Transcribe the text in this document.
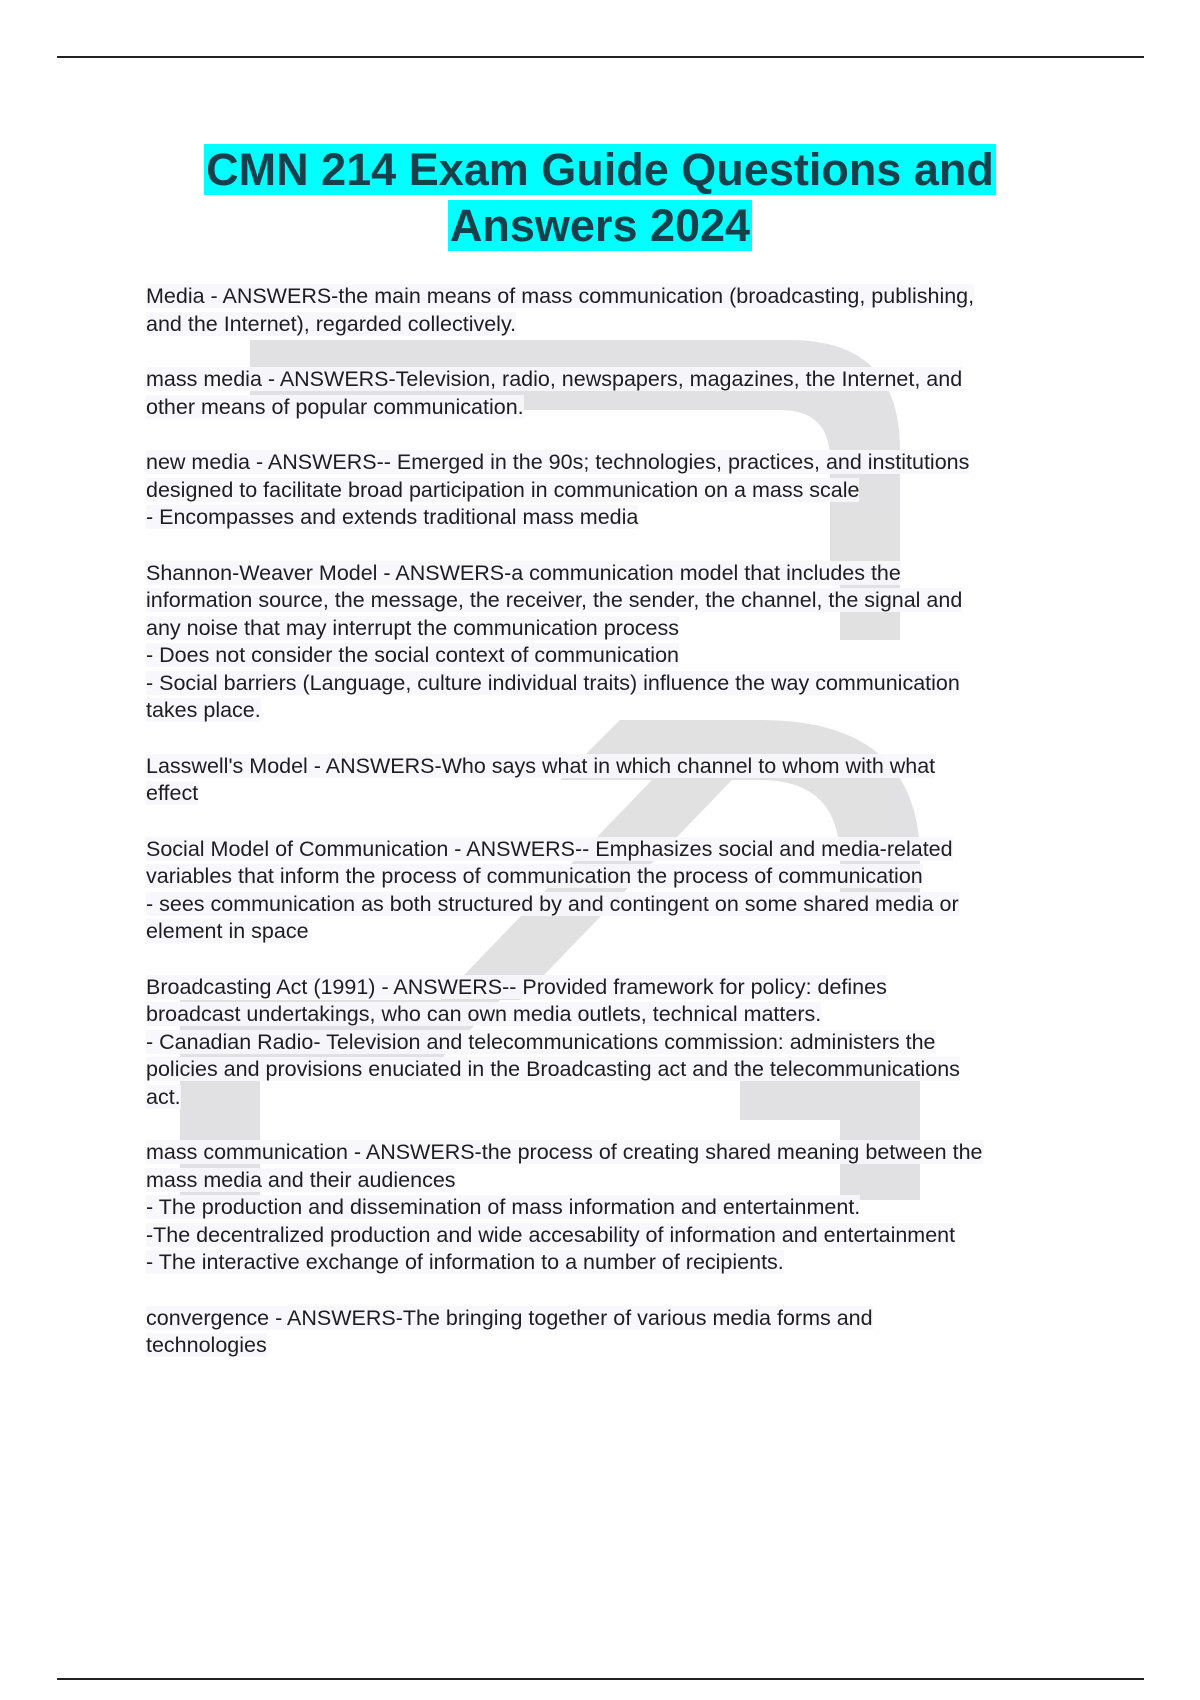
CMN 214 Exam Guide Questions and
Answers 2024
Media - ANSWERS-the main means of mass communication (broadcasting, publishing,
and the Internet), regarded collectively.
mass media - ANSWERS-Television, radio, newspapers, magazines, the Internet, and
other means of popular communication.
new media - ANSWERS-- Emerged in the 90s; technologies, practices, and institutions
designed to facilitate broad participation in communication on a mass scale
- Encompasses and extends traditional mass media
Shannon-Weaver Model - ANSWERS-a communication model that includes the
information source, the message, the receiver, the sender, the channel, the signal and
any noise that may interrupt the communication process
- Does not consider the social context of communication
- Social barriers (Language, culture individual traits) influence the way communication
takes place.
Lasswell's Model - ANSWERS-Who says what in which channel to whom with what
effect
Social Model of Communication - ANSWERS-- Emphasizes social and media-related
variables that inform the process of communication the process of communication
- sees communication as both structured by and contingent on some shared media or
element in space
Broadcasting Act (1991) - ANSWERS-- Provided framework for policy: defines
broadcast undertakings, who can own media outlets, technical matters.
- Canadian Radio- Television and telecommunications commission: administers the
policies and provisions enuciated in the Broadcasting act and the telecommunications
act.
mass communication - ANSWERS-the process of creating shared meaning between the
mass media and their audiences
- The production and dissemination of mass information and entertainment.
-The decentralized production and wide accesability of information and entertainment
- The interactive exchange of information to a number of recipients.
convergence - ANSWERS-The bringing together of various media forms and
technologies
